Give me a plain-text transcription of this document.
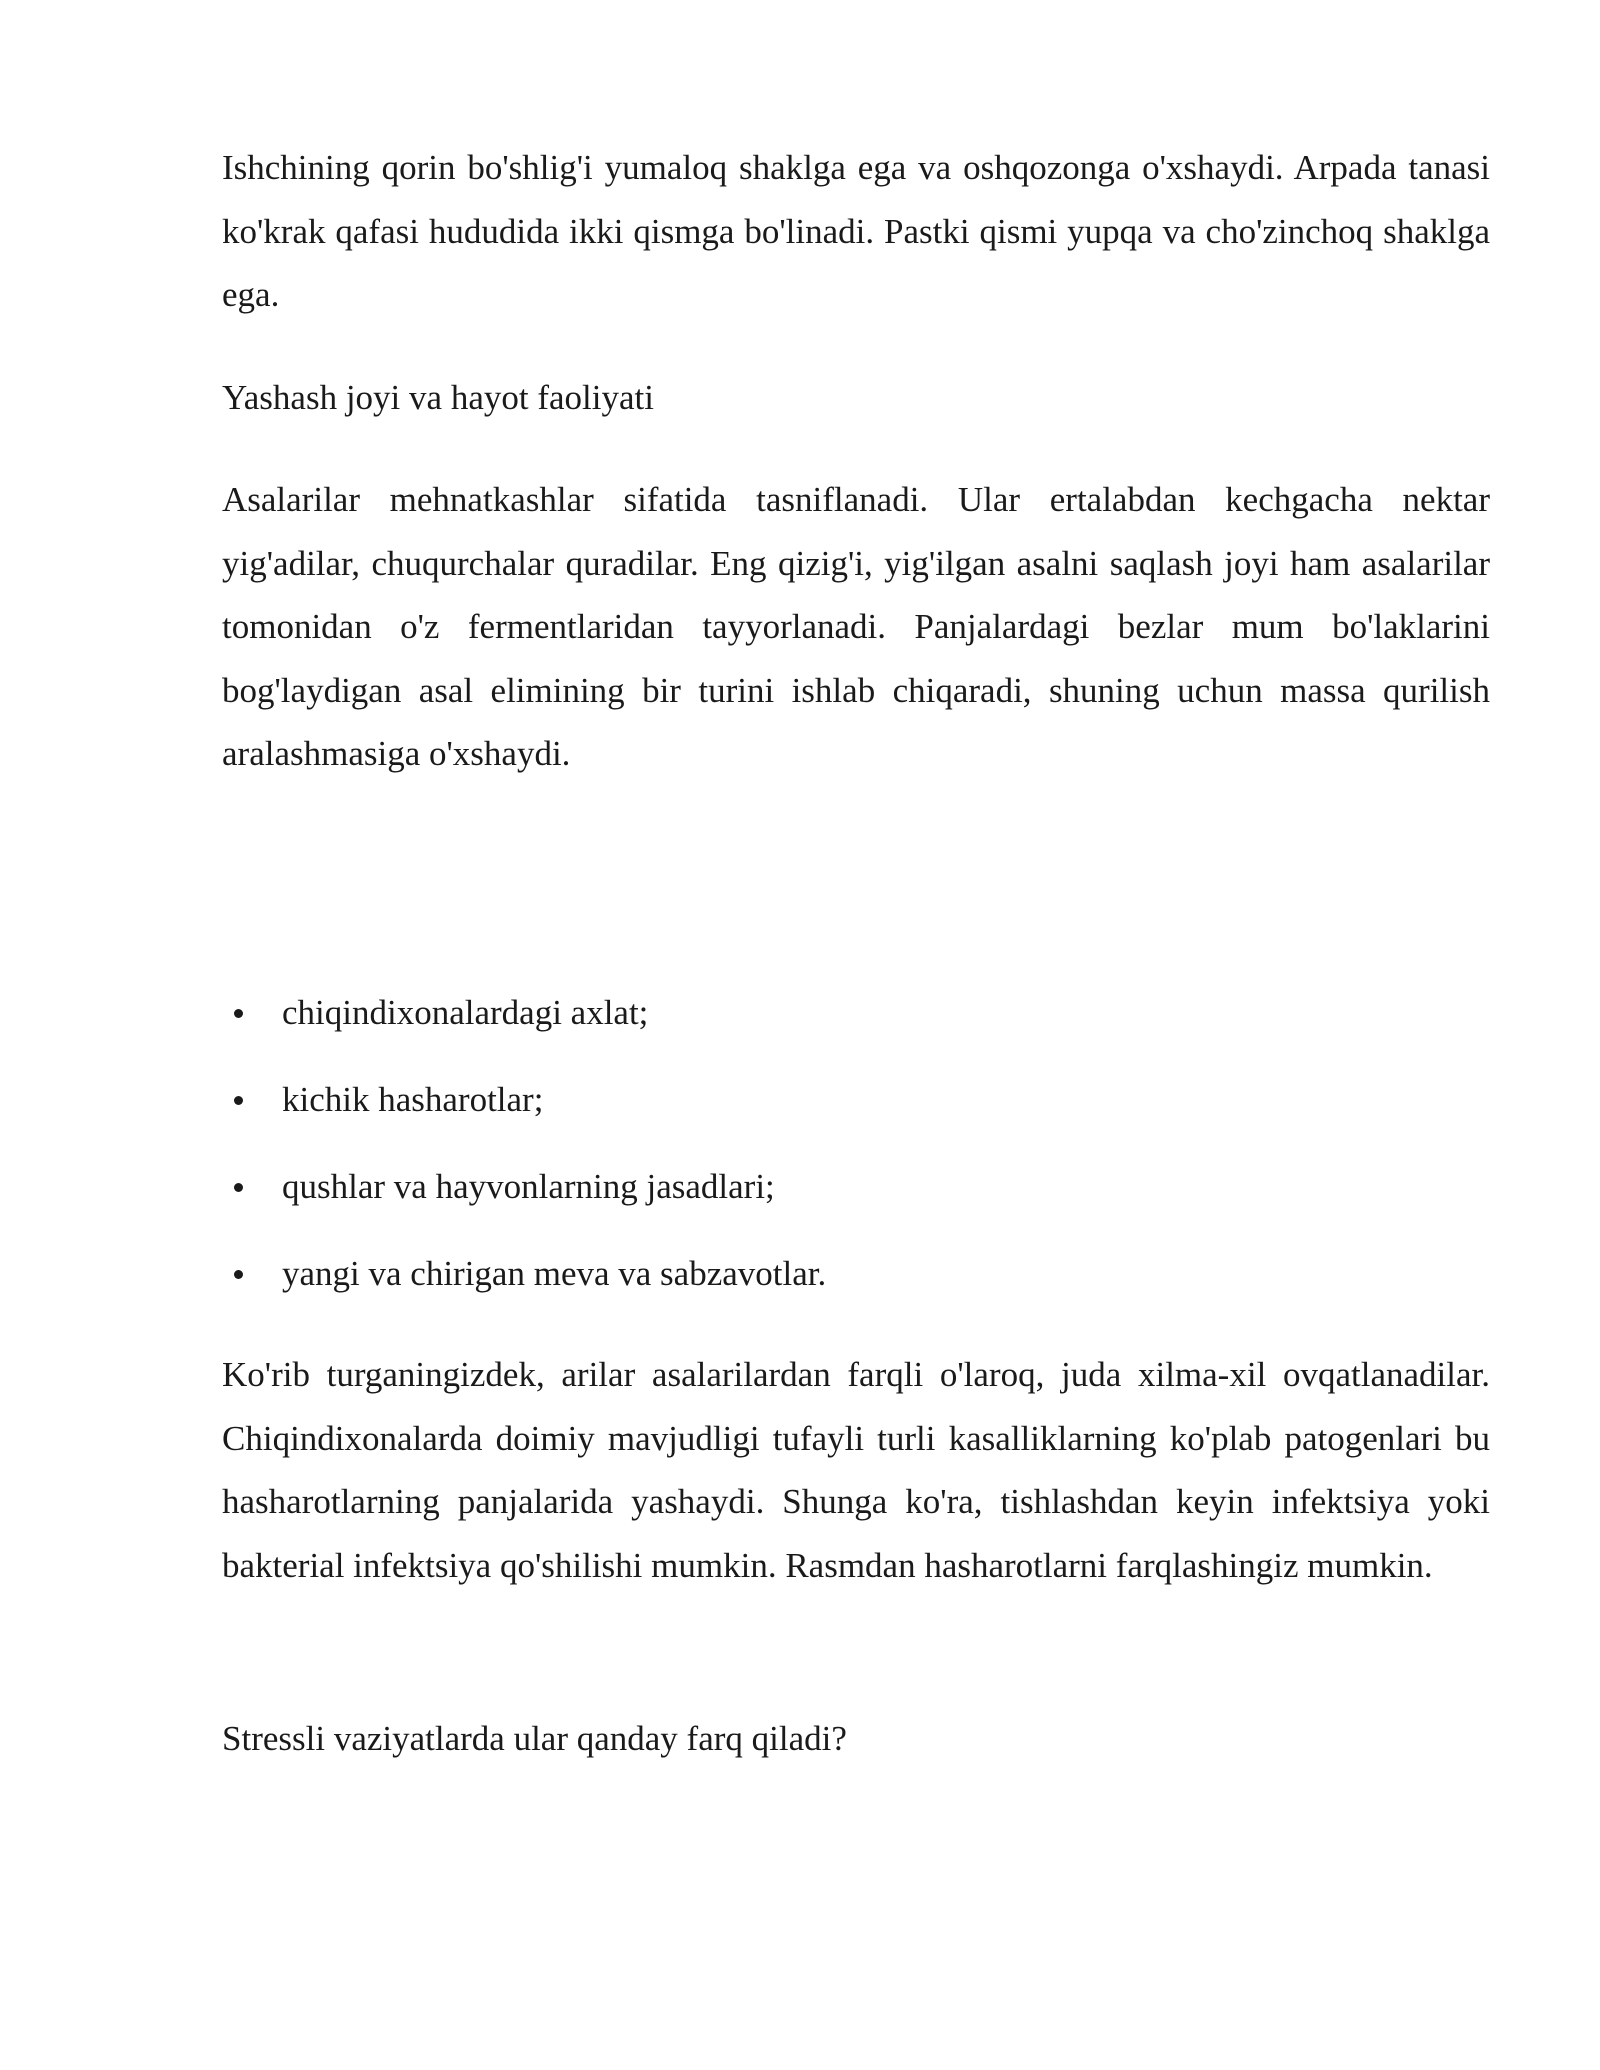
Ishchining qorin bo'shlig'i yumaloq shaklga ega va oshqozonga o'xshaydi. Arpada tanasi ko'krak qafasi hududida ikki qismga bo'linadi. Pastki qismi yupqa va cho'zinchoq shaklga ega.

Yashash joyi va hayot faoliyati

Asalarilar mehnatkashlar sifatida tasniflanadi. Ular ertalabdan kechgacha nektar yig'adilar, chuqurchalar quradilar. Eng qizig'i, yig'ilgan asalni saqlash joyi ham asalarilar tomonidan o'z fermentlaridan tayyorlanadi. Panjalardagi bezlar mum bo'laklarini bog'laydigan asal elimining bir turini ishlab chiqaradi, shuning uchun massa qurilish aralashmasiga o'xshaydi.

chiqindixonalardagi axlat;
kichik hasharotlar;
qushlar va hayvonlarning jasadlari;
yangi va chirigan meva va sabzavotlar.

Ko'rib turganingizdek, arilar asalarilardan farqli o'laroq, juda xilma-xil ovqatlanadilar. Chiqindixonalarda doimiy mavjudligi tufayli turli kasalliklarning ko'plab patogenlari bu hasharotlarning panjalarida yashaydi. Shunga ko'ra, tishlashdan keyin infektsiya yoki bakterial infektsiya qo'shilishi mumkin. Rasmdan hasharotlarni farqlashingiz mumkin.

Stressli vaziyatlarda ular qanday farq qiladi?
